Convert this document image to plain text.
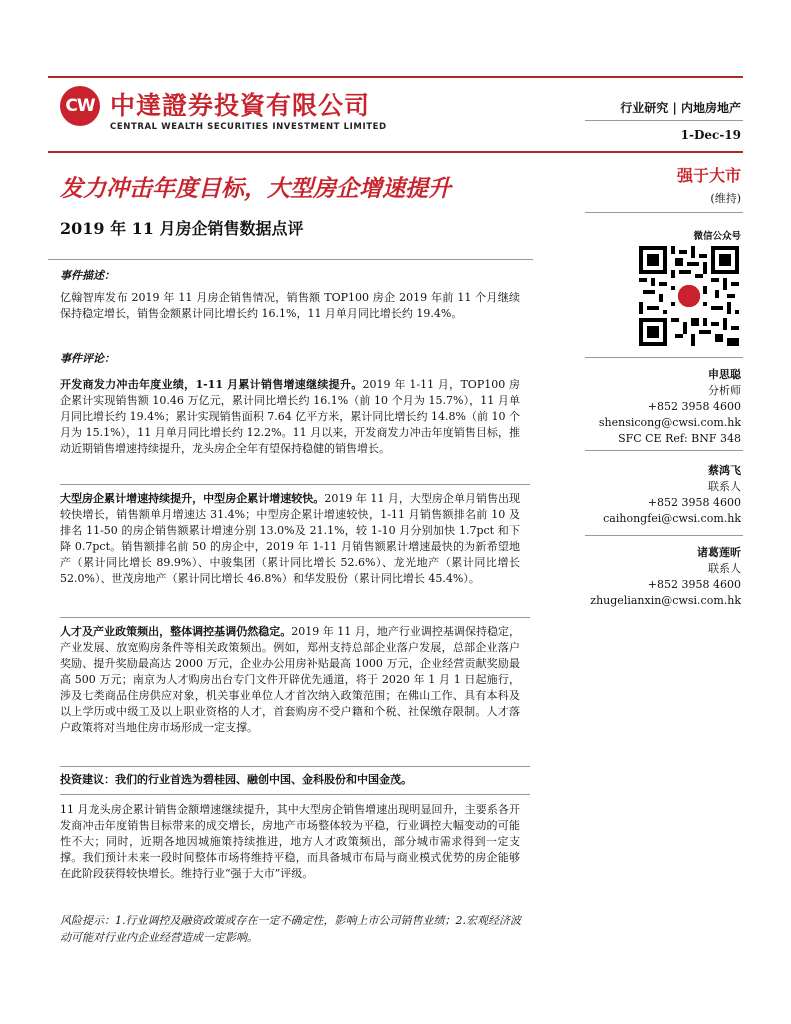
CW 中達證券投資有限公司
CENTRAL WEALTH SECURITIES INVESTMENT LIMITED
行业研究 | 内地房地产
1-Dec-19
发力冲击年度目标，大型房企增速提升
2019 年 11 月房企销售数据点评
强于大市
(维持)
微信公众号
申思聪
分析师
+852 3958 4600
shensicong@cwsi.com.hk
SFC CE Ref: BNF 348
蔡鸿飞
联系人
+852 3958 4600
caihongfei@cwsi.com.hk
诸葛莲昕
联系人
+852 3958 4600
zhugelianxin@cwsi.com.hk
事件描述：
亿翰智库发布 2019 年 11 月房企销售情况，销售额 TOP100 房企 2019 年前 11 个月继续保持稳定增长，销售金额累计同比增长约 16.1%，11 月单月同比增长约 19.4%。
事件评论：
开发商发力冲击年度业绩，1-11 月累计销售增速继续提升。2019 年 1-11 月，TOP100 房企累计实现销售额 10.46 万亿元，累计同比增长约 16.1%（前 10 个月为 15.7%），11 月单月同比增长约 19.4%；累计实现销售面积 7.64 亿平方米，累计同比增长约 14.8%（前 10 个月为 15.1%），11 月单月同比增长约 12.2%。11 月以来，开发商发力冲击年度销售目标，推动近期销售增速持续提升，龙头房企全年有望保持稳健的销售增长。
大型房企累计增速持续提升，中型房企累计增速较快。2019 年 11 月，大型房企单月销售出现较快增长，销售额单月增速达 31.4%；中型房企累计增速较快，1-11 月销售额排名前 10 及排名 11-50 的房企销售额累计增速分别 13.0%及 21.1%，较 1-10 月分别加快 1.7pct 和下降 0.7pct。销售额排名前 50 的房企中，2019 年 1-11 月销售额累计增速最快的为新希望地产（累计同比增长 89.9%）、中骏集团（累计同比增长 52.6%）、龙光地产（累计同比增长 52.0%）、世茂房地产（累计同比增长 46.8%）和华发股份（累计同比增长 45.4%）。
人才及产业政策频出，整体调控基调仍然稳定。2019 年 11 月，地产行业调控基调保持稳定，产业发展、放宽购房条件等相关政策频出。例如，郑州支持总部企业落户发展，总部企业落户奖励、提升奖励最高达 2000 万元，企业办公用房补贴最高 1000 万元，企业经营贡献奖励最高 500 万元；南京为人才购房出台专门文件开辟优先通道，将于 2020 年 1 月 1 日起施行，涉及七类商品住房供应对象，机关事业单位人才首次纳入政策范围；在佛山工作、具有本科及以上学历或中级工及以上职业资格的人才，首套购房不受户籍和个税、社保缴存限制。人才落户政策将对当地住房市场形成一定支撑。
投资建议：我们的行业首选为碧桂园、融创中国、金科股份和中国金茂。
11 月龙头房企累计销售金额增速继续提升，其中大型房企销售增速出现明显回升，主要系各开发商冲击年度销售目标带来的成交增长，房地产市场整体较为平稳，行业调控大幅变动的可能性不大；同时，近期各地因城施策持续推进，地方人才政策频出，部分城市需求得到一定支撑。我们预计未来一段时间整体市场将维持平稳，而具备城市布局与商业模式优势的房企能够在此阶段获得较快增长。维持行业“强于大市”评级。
风险提示：1.行业调控及融资政策或存在一定不确定性，影响上市公司销售业绩；2.宏观经济波动可能对行业内企业经营造成一定影响。
